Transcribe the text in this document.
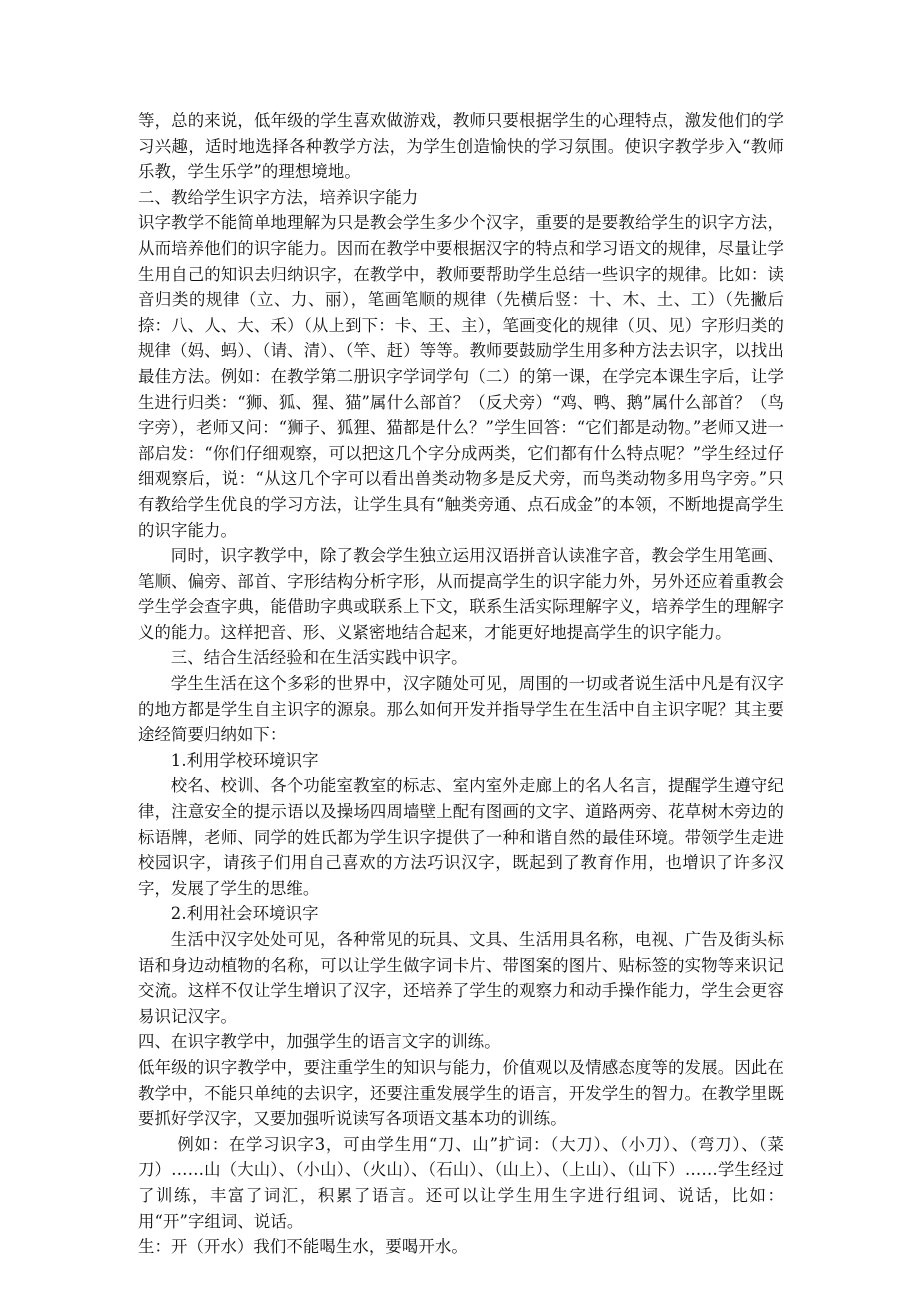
等，总的来说，低年级的学生喜欢做游戏，教师只要根据学生的心理特点，激发他们的学习兴趣，适时地选择各种教学方法，为学生创造愉快的学习氛围。使识字教学步入“教师乐教，学生乐学”的理想境地。

二、教给学生识字方法，培养识字能力

识字教学不能简单地理解为只是教会学生多少个汉字，重要的是要教给学生的识字方法，从而培养他们的识字能力。因而在教学中要根据汉字的特点和学习语文的规律，尽量让学生用自己的知识去归纳识字，在教学中，教师要帮助学生总结一些识字的规律。比如：读音归类的规律（立、力、丽），笔画笔顺的规律（先横后竖：十、木、土、工）（先撇后捺：八、人、大、禾）（从上到下：卡、王、主），笔画变化的规律（贝、见）字形归类的规律（妈、蚂）、（请、清）、（竿、赶）等等。教师要鼓励学生用多种方法去识字，以找出最佳方法。例如：在教学第二册识字学词学句（二）的第一课，在学完本课生字后，让学生进行归类：“狮、狐、猩、猫”属什么部首？（反犬旁）“鸡、鸭、鹅”属什么部首？（鸟字旁），老师又问：“狮子、狐狸、猫都是什么？”学生回答：“它们都是动物。”老师又进一部启发：“你们仔细观察，可以把这几个字分成两类，它们都有什么特点呢？”学生经过仔细观察后，说：“从这几个字可以看出兽类动物多是反犬旁，而鸟类动物多用鸟字旁。”只有教给学生优良的学习方法，让学生具有“触类旁通、点石成金”的本领，不断地提高学生的识字能力。

同时，识字教学中，除了教会学生独立运用汉语拼音认读准字音，教会学生用笔画、笔顺、偏旁、部首、字形结构分析字形，从而提高学生的识字能力外，另外还应着重教会学生学会查字典，能借助字典或联系上下文，联系生活实际理解字义，培养学生的理解字义的能力。这样把音、形、义紧密地结合起来，才能更好地提高学生的识字能力。

三、结合生活经验和在生活实践中识字。

学生生活在这个多彩的世界中，汉字随处可见，周围的一切或者说生活中凡是有汉字的地方都是学生自主识字的源泉。那么如何开发并指导学生在生活中自主识字呢？其主要途经简要归纳如下：

1.利用学校环境识字

校名、校训、各个功能室教室的标志、室内室外走廊上的名人名言，提醒学生遵守纪律，注意安全的提示语以及操场四周墙壁上配有图画的文字、道路两旁、花草树木旁边的标语牌，老师、同学的姓氏都为学生识字提供了一种和谐自然的最佳环境。带领学生走进校园识字，请孩子们用自己喜欢的方法巧识汉字，既起到了教育作用，也增识了许多汉字，发展了学生的思维。

2.利用社会环境识字

生活中汉字处处可见，各种常见的玩具、文具、生活用具名称，电视、广告及街头标语和身边动植物的名称，可以让学生做字词卡片、带图案的图片、贴标签的实物等来识记交流。这样不仅让学生增识了汉字，还培养了学生的观察力和动手操作能力，学生会更容易识记汉字。

四、在识字教学中，加强学生的语言文字的训练。

低年级的识字教学中，要注重学生的知识与能力，价值观以及情感态度等的发展。因此在教学中，不能只单纯的去识字，还要注重发展学生的语言，开发学生的智力。在教学里既要抓好学汉字，又要加强听说读写各项语文基本功的训练。

例如：在学习识字3，可由学生用“刀、山”扩词：（大刀）、（小刀）、（弯刀）、（菜刀）……山（大山）、（小山）、（火山）、（石山）、（山上）、（上山）、（山下）……学生经过了训练，丰富了词汇，积累了语言。还可以让学生用生字进行组词、说话，比如：用“开”字组词、说话。

生：开（开水）我们不能喝生水，要喝开水。
